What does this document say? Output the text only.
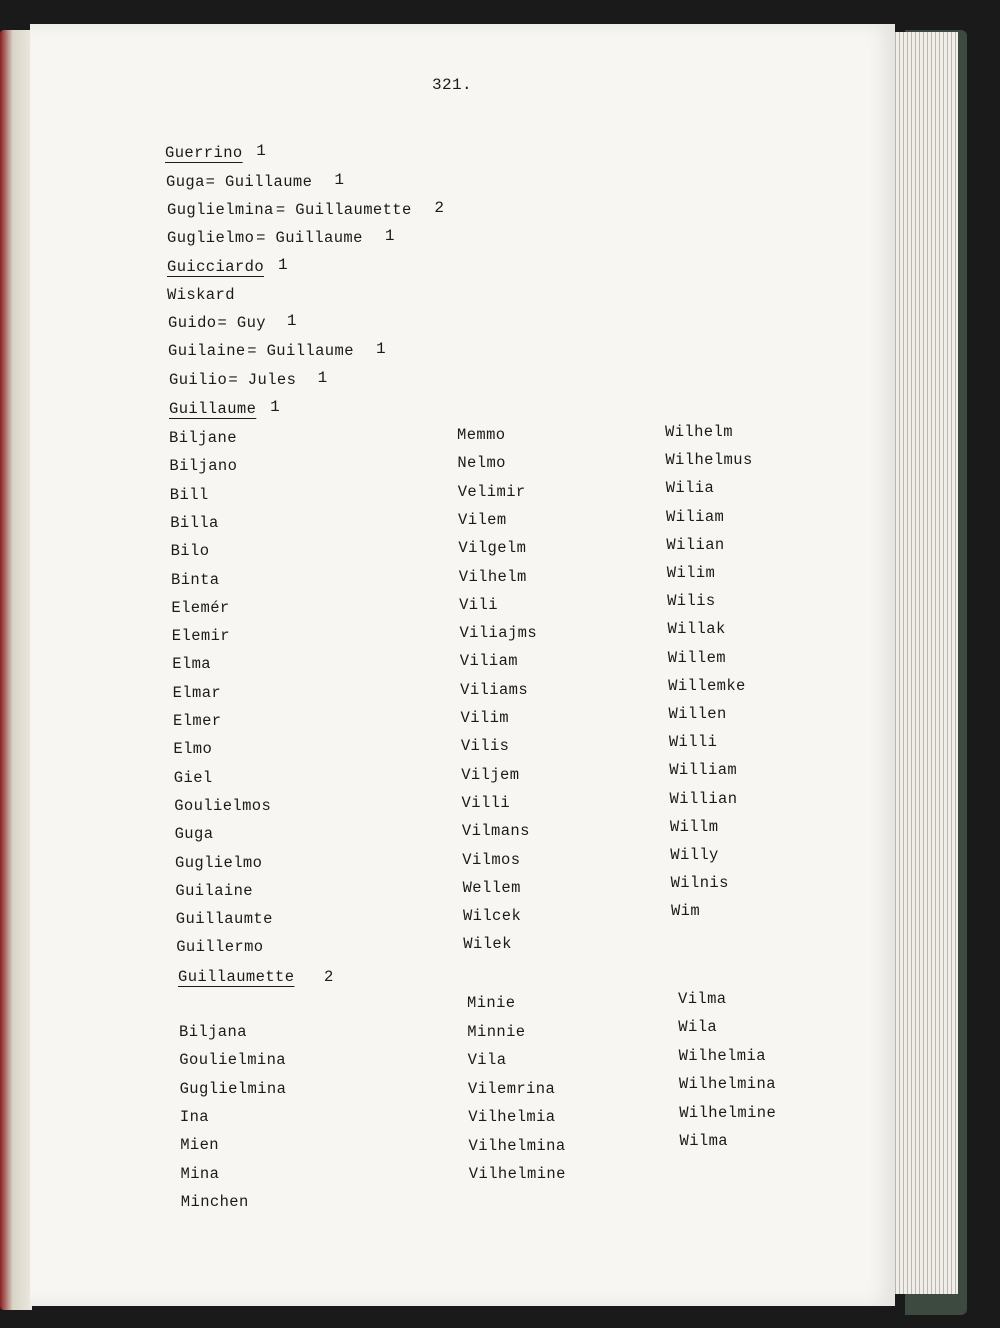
321.
Guillaumette 2
Guerrino 1
Guga = Guillaume 1
Guglielmina = Guillaumette 2
Guglielmo = Guillaume 1
Guicciardo 1
Wiskard
Guido = Guy 1
Guilaine = Guillaume 1
Guilio = Jules 1
Guillaume 1
Biljane
Biljano
Bill
Billa
Bilo
Binta
Elemér
Elemir
Elma
Elmar
Elmer
Elmo
Giel
Goulielmos
Guga
Guglielmo
Guilaine
Guillaumte
Guillermo
Memmo
Nelmo
Velimir
Vilem
Vilgelm
Vilhelm
Vili
Viliajms
Viliam
Viliams
Vilim
Vilis
Viljem
Villi
Vilmans
Vilmos
Wellem
Wilcek
Wilek
Wilhelm
Wilhelmus
Wilia
Wiliam
Wilian
Wilim
Wilis
Willak
Willem
Willemke
Willen
Willi
William
Willian
Willm
Willy
Wilnis
Wim
Biljana
Goulielmina
Guglielmina
Ina
Mien
Mina
Minchen
Minie
Minnie
Vila
Vilemrina
Vilhelmia
Vilhelmina
Vilhelmine
Vilma
Wila
Wilhelmia
Wilhelmina
Wilhelmine
Wilma
